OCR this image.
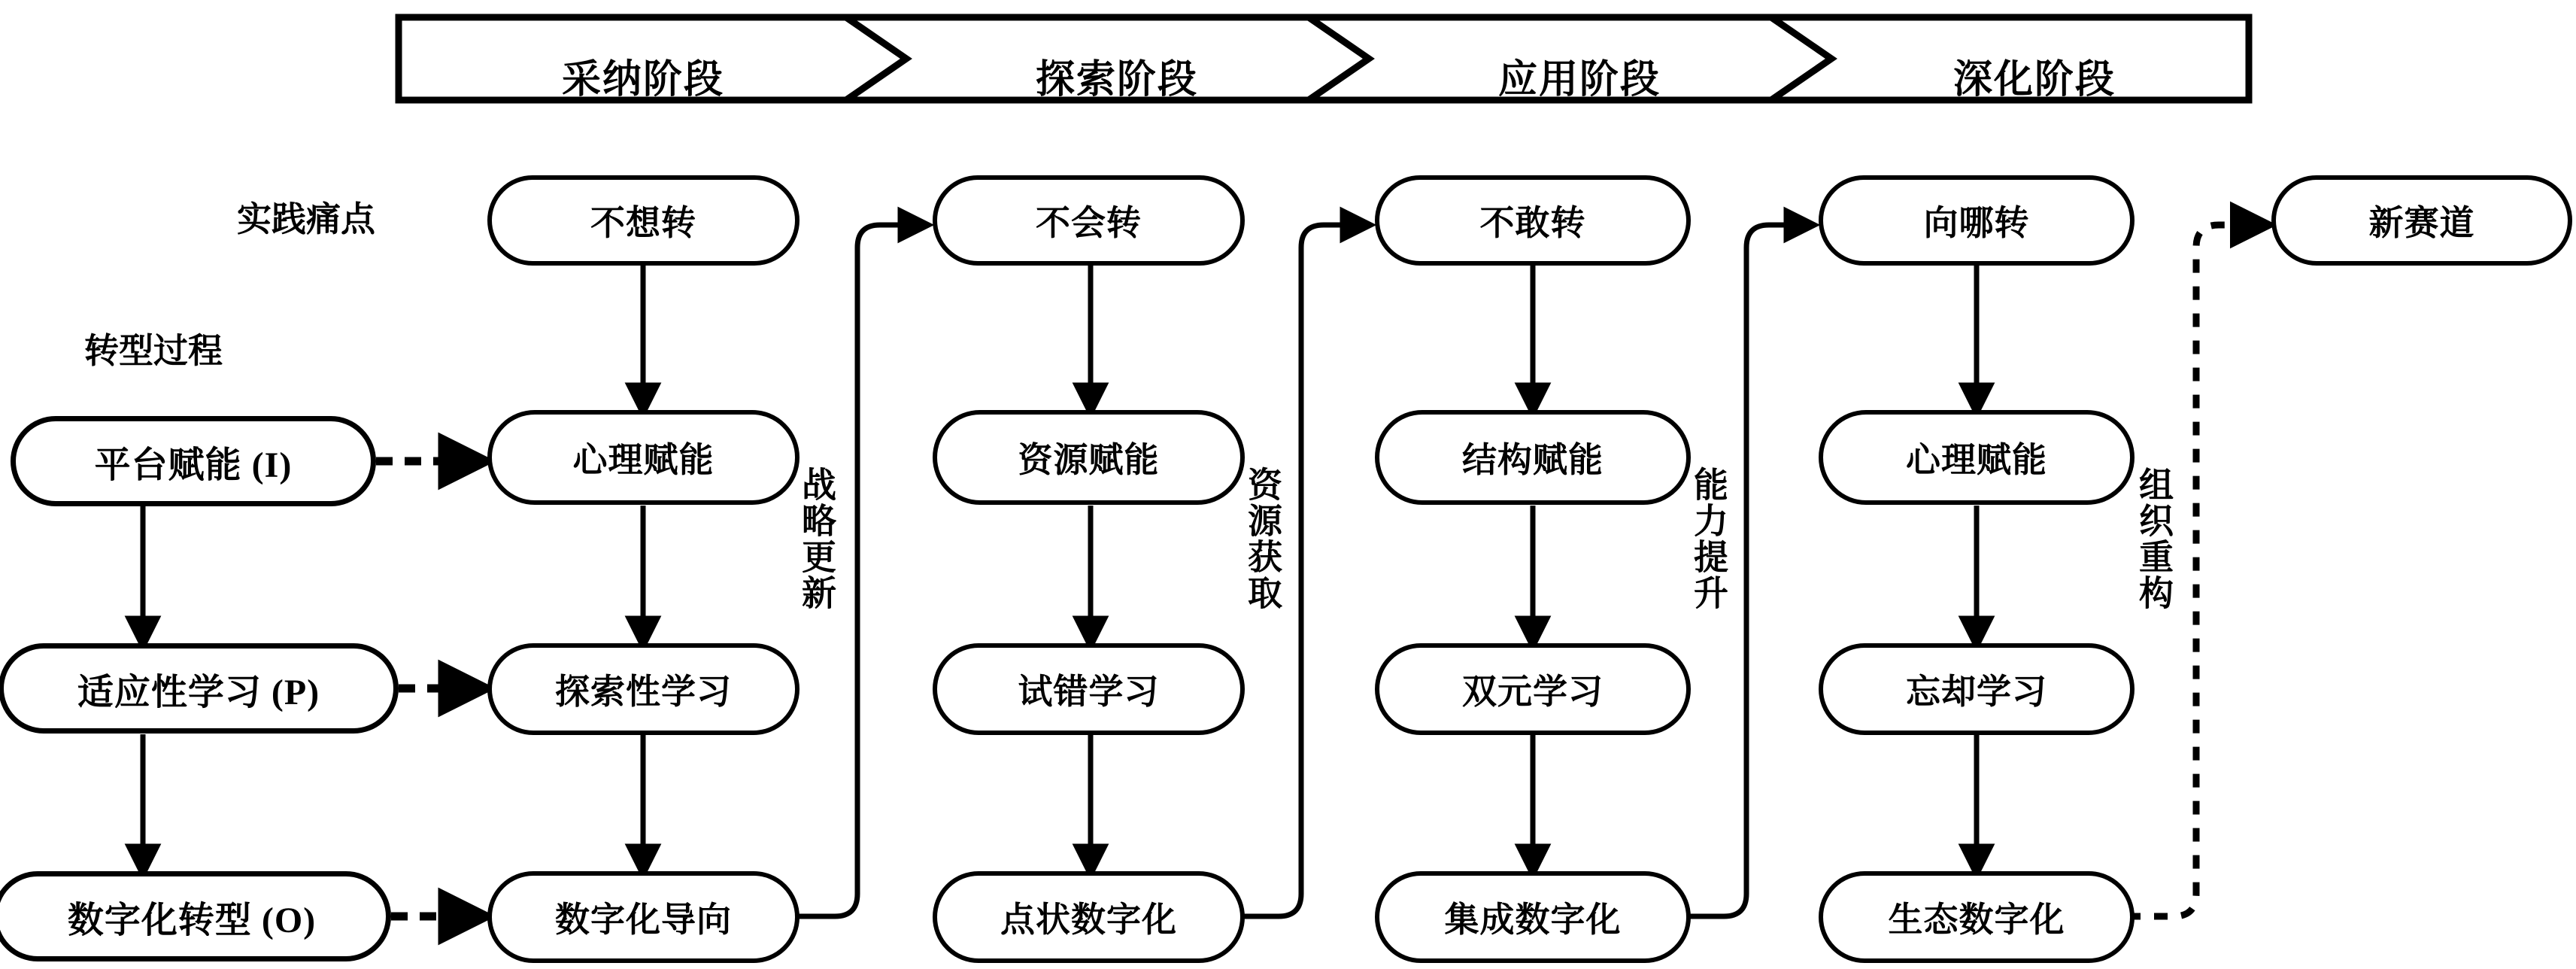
采纳阶段	探索阶段	应用阶段	深化阶段
实践痛点
转型过程
平台赋能 (I)
适应性学习 (P)
数字化转型 (O)
不想转
心理赋能
探索性学习
数字化导向
不会转
资源赋能
试错学习
点状数字化
不敢转
结构赋能
双元学习
集成数字化
向哪转
心理赋能
忘却学习
生态数字化
新赛道
战略更新	资源获取	能力提升	组织重构
